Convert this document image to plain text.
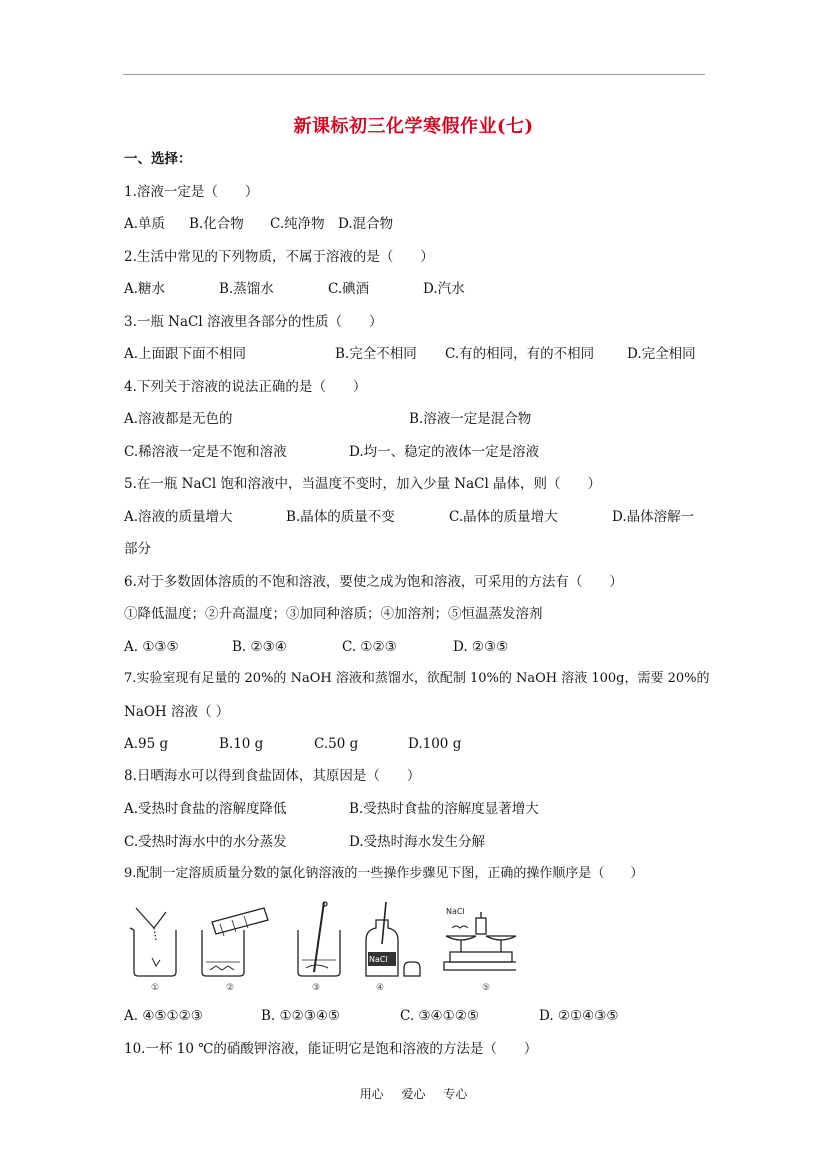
新课标初三化学寒假作业(七)
一、选择：
1.溶液一定是（　　）
A.单质 B.化合物 C.纯净物 D.混合物
2.生活中常见的下列物质，不属于溶液的是（　　）
A.糖水	B.蒸馏水	C.碘酒	D.汽水
3.一瓶 NaCl 溶液里各部分的性质（　　）
A.上面跟下面不相同	B.完全不相同 C.有的相同，有的不相同 D.完全相同
4.下列关于溶液的说法正确的是（　　）
A.溶液都是无色的	B.溶液一定是混合物
C.稀溶液一定是不饱和溶液	D.均一、稳定的液体一定是溶液
5.在一瓶 NaCl 饱和溶液中，当温度不变时，加入少量 NaCl 晶体，则（　　）
A.溶液的质量增大	B.晶体的质量不变	C.晶体的质量增大	D.晶体溶解一
部分
6.对于多数固体溶质的不饱和溶液，要使之成为饱和溶液，可采用的方法有（　　）
①降低温度；②升高温度；③加同种溶质；④加溶剂；⑤恒温蒸发溶剂
A. ①③⑤	B. ②③④	C. ①②③	D. ②③⑤
7.实验室现有足量的 20%的 NaOH 溶液和蒸馏水，欲配制 10%的 NaOH 溶液 100g，需要 20%的
NaOH 溶液（ ）
A.95 g	B.10 g	C.50 g	D.100 g
8.日晒海水可以得到食盐固体，其原因是（　　）
A.受热时食盐的溶解度降低	B.受热时食盐的溶解度显著增大
C.受热时海水中的水分蒸发	D.受热时海水发生分解
9.配制一定溶质质量分数的氯化钠溶液的一些操作步骤见下图，正确的操作顺序是（　　）
NaCl
NaCl
①	②	③	④	⑤
A. ④⑤①②③	B. ①②③④⑤	C. ③④①②⑤	D. ②①④③⑤
10.一杯 10 ℃的硝酸钾溶液，能证明它是饱和溶液的方法是（　　）
用心 爱心 专心
